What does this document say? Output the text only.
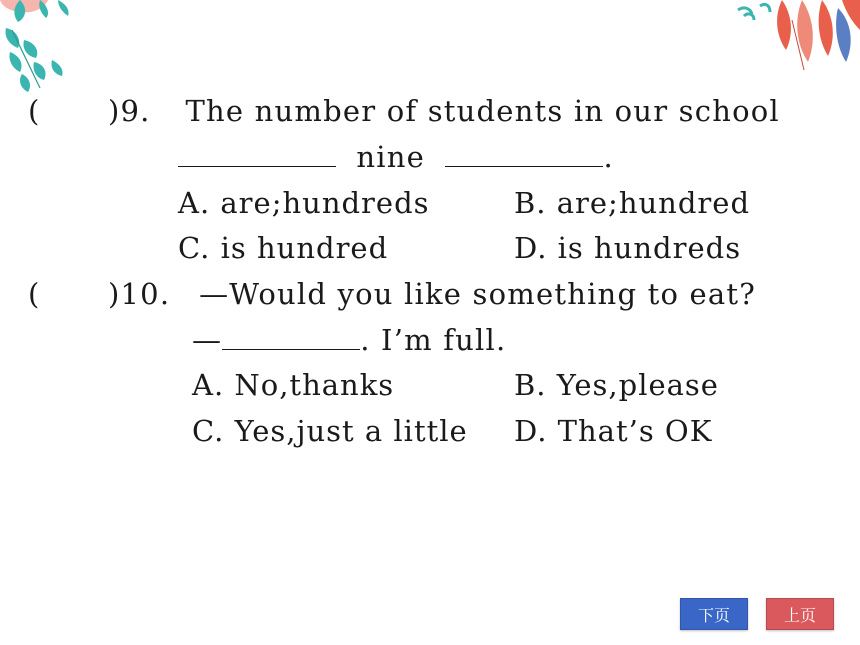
( )9. The number of students in our school
nine	.
A. are;hundreds	B. are;hundred
C. is hundred	D. is hundreds
( )10. —Would you like something to eat?
—	. I’m full.
A. No,thanks	B. Yes,please
C. Yes,just a little D. That’s OK
下页	上页
